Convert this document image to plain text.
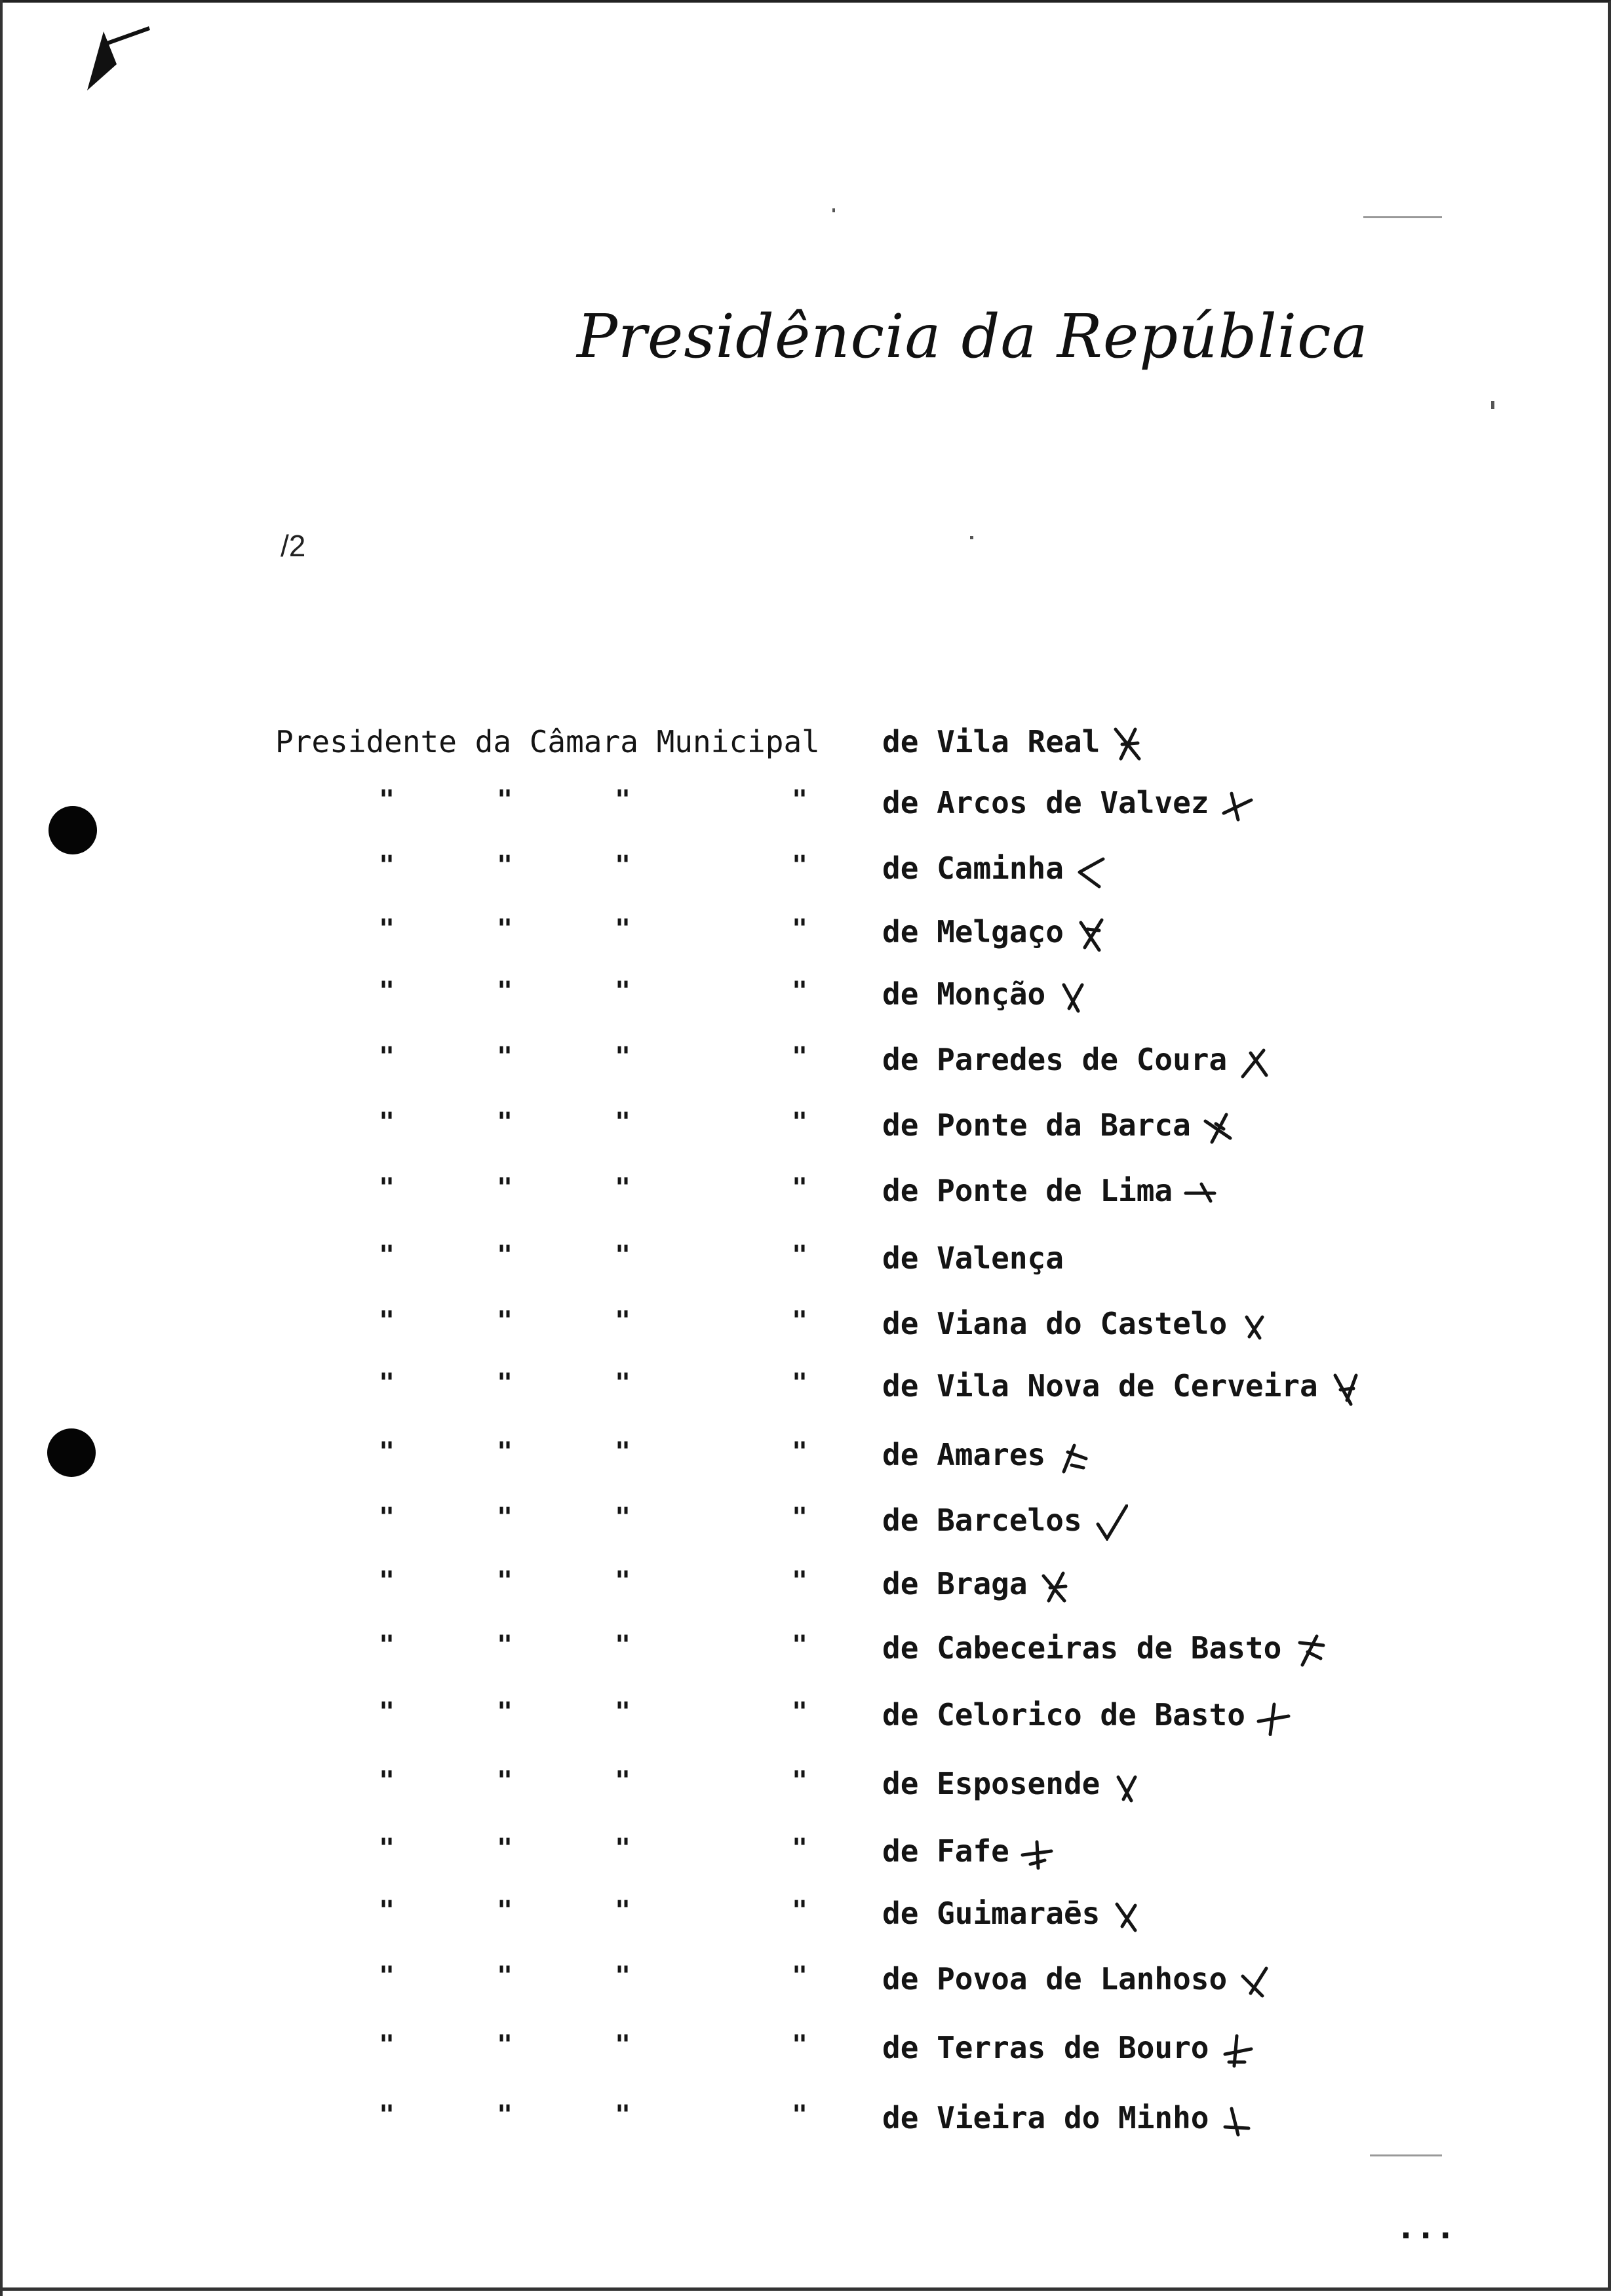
Presidência da República
/2
Presidente da Câmara Municipal de Vila Real
"	"	"	" de Arcos de Valvez
"	"	"	" de Caminha
"	"	"	" de Melgaço
"	"	"	" de Monção
"	"	"	" de Paredes de Coura
"	"	"	" de Ponte da Barca
"	"	"	" de Ponte de Lima
"	"	"	" de Valença
"	"	"	" de Viana do Castelo
"	"	"	" de Vila Nova de Cerveira
"	"	"	" de Amares
"	"	"	" de Barcelos
"	"	"	" de Braga
"	"	"	" de Cabeceiras de Basto
"	"	"	" de Celorico de Basto
"	"	"	" de Esposende
"	"	"	" de Fafe
"	"	"	" de Guimaraēs
"	"	"	" de Povoa de Lanhoso
"	"	"	" de Terras de Bouro
"	"	"	" de Vieira do Minho
...
